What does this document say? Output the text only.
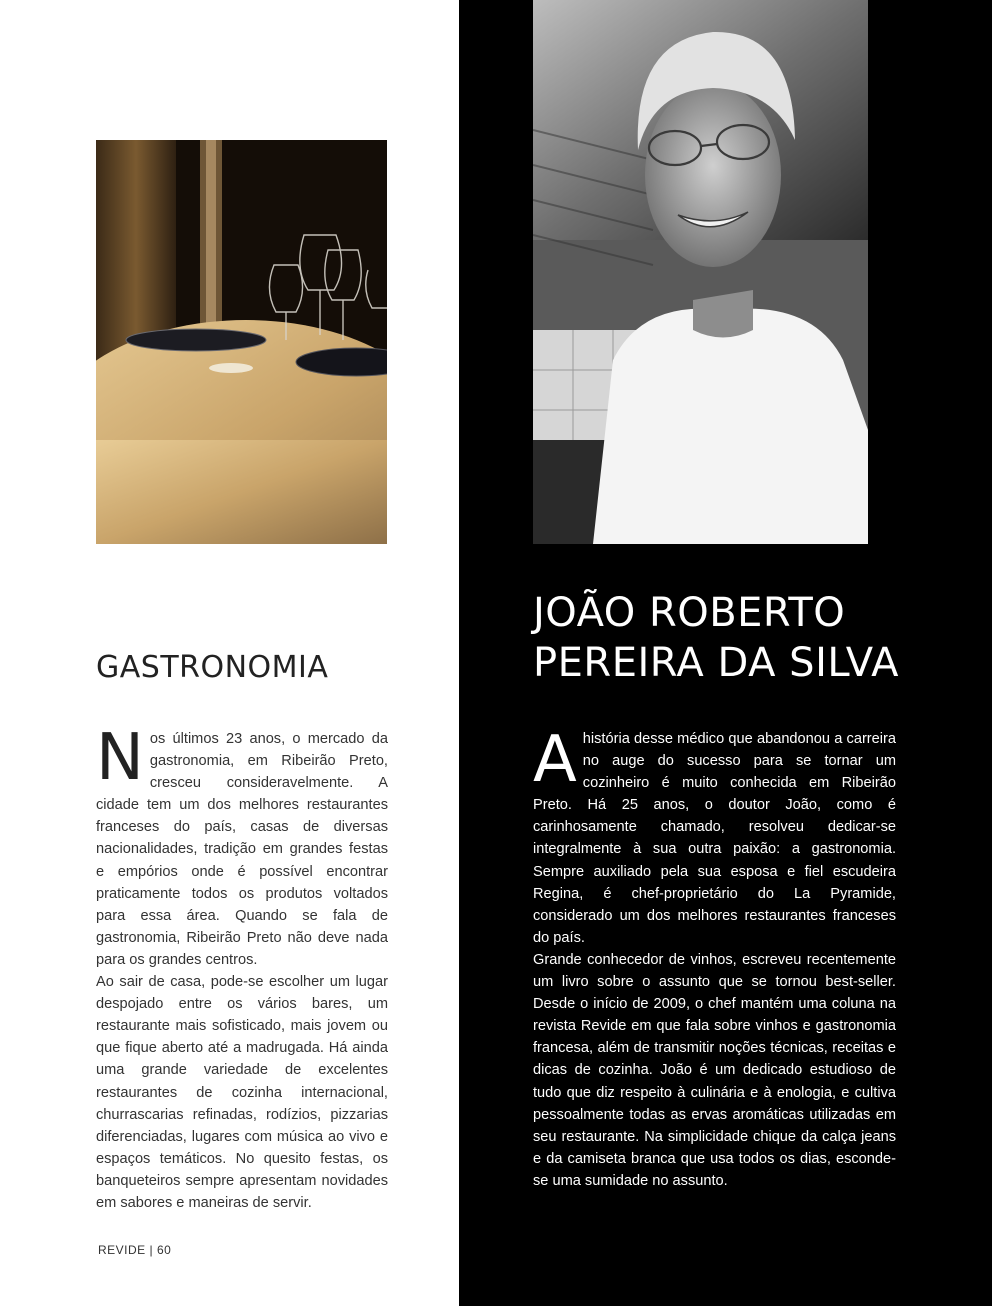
GASTRONOMIA

Nos últimos 23 anos, o mercado da gastronomia, em Ribeirão Preto, cresceu consideravelmente. A cidade tem um dos melhores restaurantes franceses do país, casas de diversas nacionalidades, tradição em grandes festas e empórios onde é possível encontrar praticamente todos os produtos voltados para essa área. Quando se fala de gastronomia, Ribeirão Preto não deve nada para os grandes centros.

Ao sair de casa, pode-se escolher um lugar despojado entre os vários bares, um restaurante mais sofisticado, mais jovem ou que fique aberto até a madrugada. Há ainda uma grande variedade de excelentes restaurantes de cozinha internacional, churrascarias refinadas, rodízios, pizzarias diferenciadas, lugares com música ao vivo e espaços temáticos. No quesito festas, os banqueteiros sempre apresentam novidades em sabores e maneiras de servir.

JOÃO ROBERTO
PEREIRA DA SILVA

Ahistória desse médico que abandonou a carreira no auge do sucesso para se tornar um cozinheiro é muito conhecida em Ribeirão Preto. Há 25 anos, o doutor João, como é carinhosamente chamado, resolveu dedicar-se integralmente à sua outra paixão: a gastronomia. Sempre auxiliado pela sua esposa e fiel escudeira Regina, é chef-proprietário do La Pyramide, considerado um dos melhores restaurantes franceses do país.

Grande conhecedor de vinhos, escreveu recentemente um livro sobre o assunto que se tornou best-seller. Desde o início de 2009, o chef mantém uma coluna na revista Revide em que fala sobre vinhos e gastronomia francesa, além de transmitir noções técnicas, receitas e dicas de cozinha. João é um dedicado estudioso de tudo que diz respeito à culinária e à enologia, e cultiva pessoalmente todas as ervas aromáticas utilizadas em seu restaurante. Na simplicidade chique da calça jeans e da camiseta branca que usa todos os dias, esconde-se uma sumidade no assunto.

REVIDE | 60
